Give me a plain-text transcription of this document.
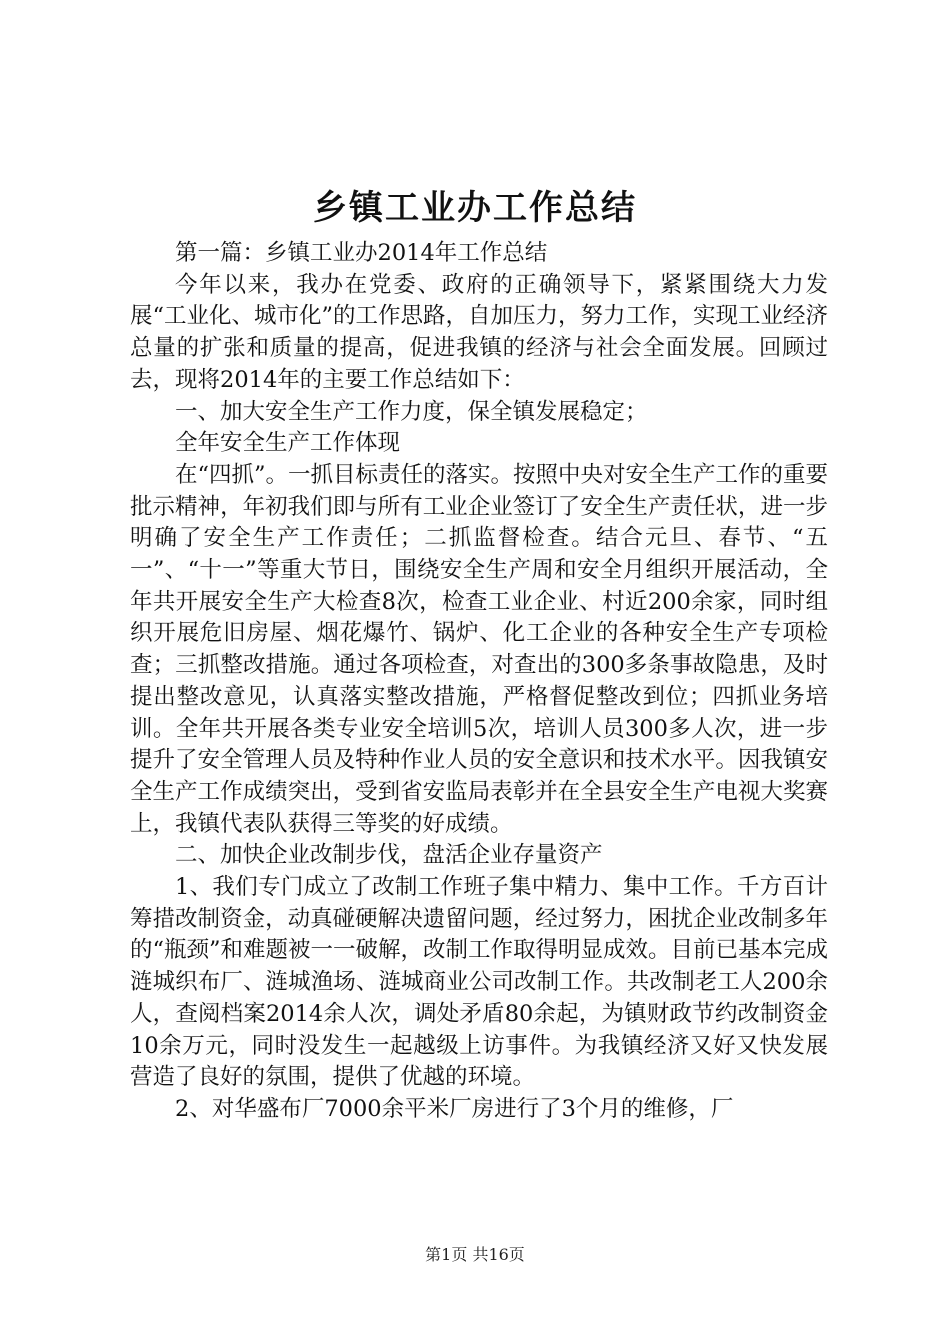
乡镇工业办工作总结

第一篇：乡镇工业办2014年工作总结

今年以来，我办在党委、政府的正确领导下，紧紧围绕大力发展“工业化、城市化”的工作思路，自加压力，努力工作，实现工业经济总量的扩张和质量的提高，促进我镇的经济与社会全面发展。回顾过去，现将2014年的主要工作总结如下：

一、加大安全生产工作力度，保全镇发展稳定；

全年安全生产工作体现

在“四抓”。一抓目标责任的落实。按照中央对安全生产工作的重要批示精神，年初我们即与所有工业企业签订了安全生产责任状，进一步明确了安全生产工作责任；二抓监督检查。结合元旦、春节、“五一”、“十一”等重大节日，围绕安全生产周和安全月组织开展活动，全年共开展安全生产大检查8次，检查工业企业、村近200余家，同时组织开展危旧房屋、烟花爆竹、锅炉、化工企业的各种安全生产专项检查；三抓整改措施。通过各项检查，对查出的300多条事故隐患，及时提出整改意见，认真落实整改措施，严格督促整改到位；四抓业务培训。全年共开展各类专业安全培训5次，培训人员300多人次，进一步提升了安全管理人员及特种作业人员的安全意识和技术水平。因我镇安全生产工作成绩突出，受到省安监局表彰并在全县安全生产电视大奖赛上，我镇代表队获得三等奖的好成绩。

二、加快企业改制步伐，盘活企业存量资产

1、我们专门成立了改制工作班子集中精力、集中工作。千方百计筹措改制资金，动真碰硬解决遗留问题，经过努力，困扰企业改制多年的“瓶颈”和难题被一一破解，改制工作取得明显成效。目前已基本完成涟城织布厂、涟城渔场、涟城商业公司改制工作。共改制老工人200余人，查阅档案2014余人次，调处矛盾80余起，为镇财政节约改制资金10余万元，同时没发生一起越级上访事件。为我镇经济又好又快发展营造了良好的氛围，提供了优越的环境。

2、对华盛布厂7000余平米厂房进行了3个月的维修，厂

第1页 共16页
